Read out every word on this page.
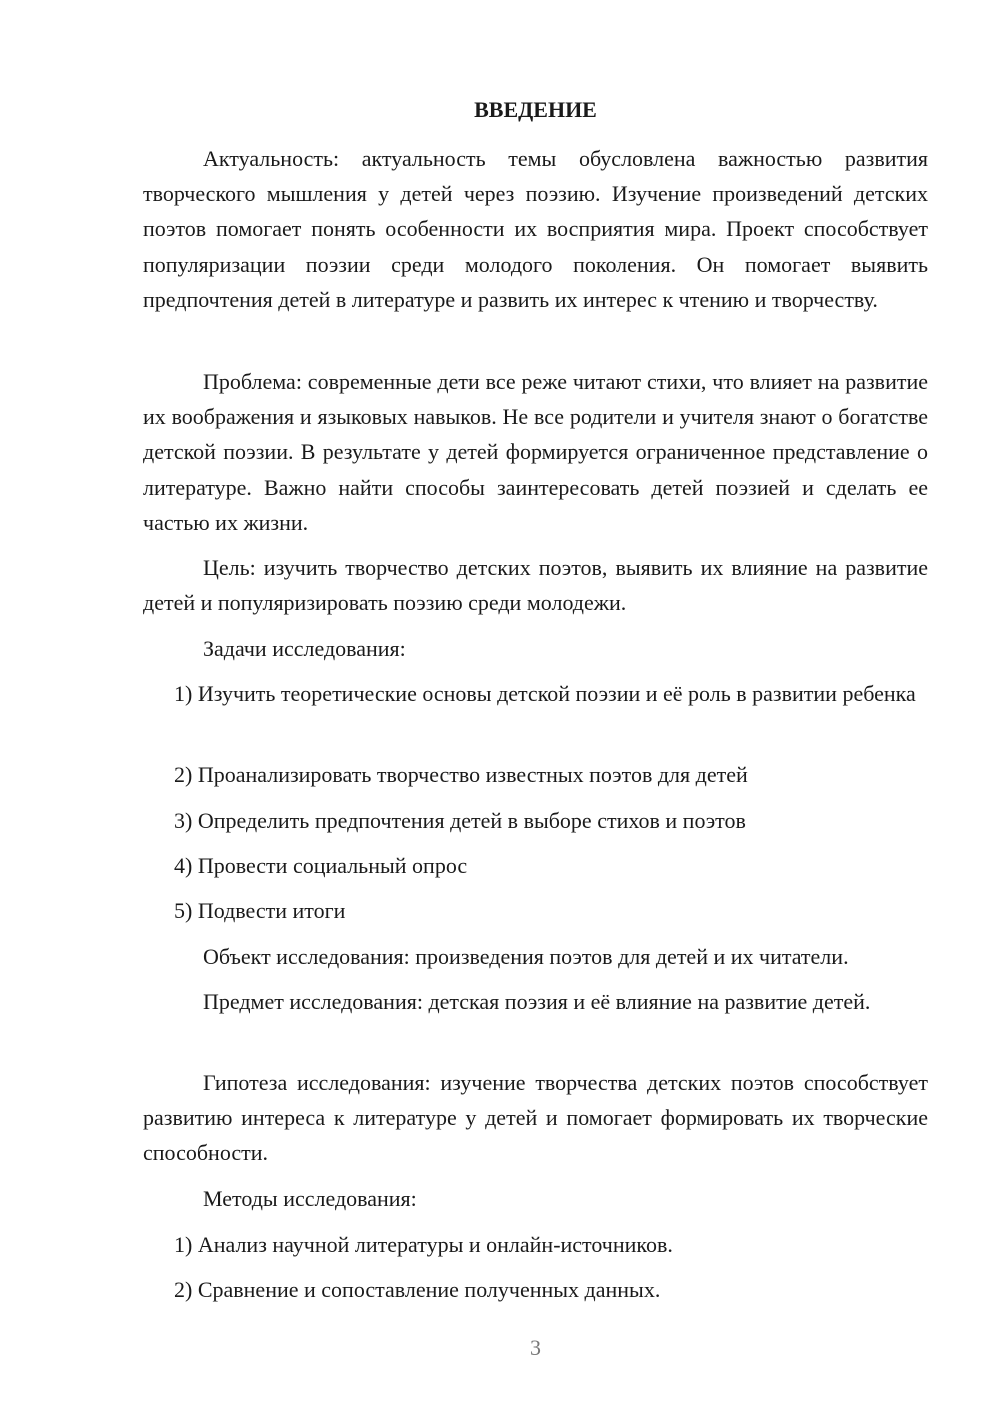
ВВЕДЕНИЕ

Актуальность: актуальность темы обусловлена важностью развития творческого мышления у детей через поэзию. Изучение произведений детских поэтов помогает понять особенности их восприятия мира. Проект способствует популяризации поэзии среди молодого поколения. Он помогает выявить предпочтения детей в литературе и развить их интерес к чтению и творчеству.

Проблема: современные дети все реже читают стихи, что влияет на развитие их воображения и языковых навыков. Не все родители и учителя знают о богатстве детской поэзии. В результате у детей формируется ограниченное представление о литературе. Важно найти способы заинтересовать детей поэзией и сделать ее частью их жизни.

Цель: изучить творчество детских поэтов, выявить их влияние на развитие детей и популяризировать поэзию среди молодежи.

Задачи исследования:

1) Изучить теоретические основы детской поэзии и её роль в развитии ребенка

2) Проанализировать творчество известных поэтов для детей

3) Определить предпочтения детей в выборе стихов и поэтов

4) Провести социальный опрос

5) Подвести итоги

Объект исследования: произведения поэтов для детей и их читатели.

Предмет исследования: детская поэзия и её влияние на развитие детей.

Гипотеза исследования: изучение творчества детских поэтов способствует развитию интереса к литературе у детей и помогает формировать их творческие способности.

Методы исследования:

1) Анализ научной литературы и онлайн-источников.

2) Сравнение и сопоставление полученных данных.

3
